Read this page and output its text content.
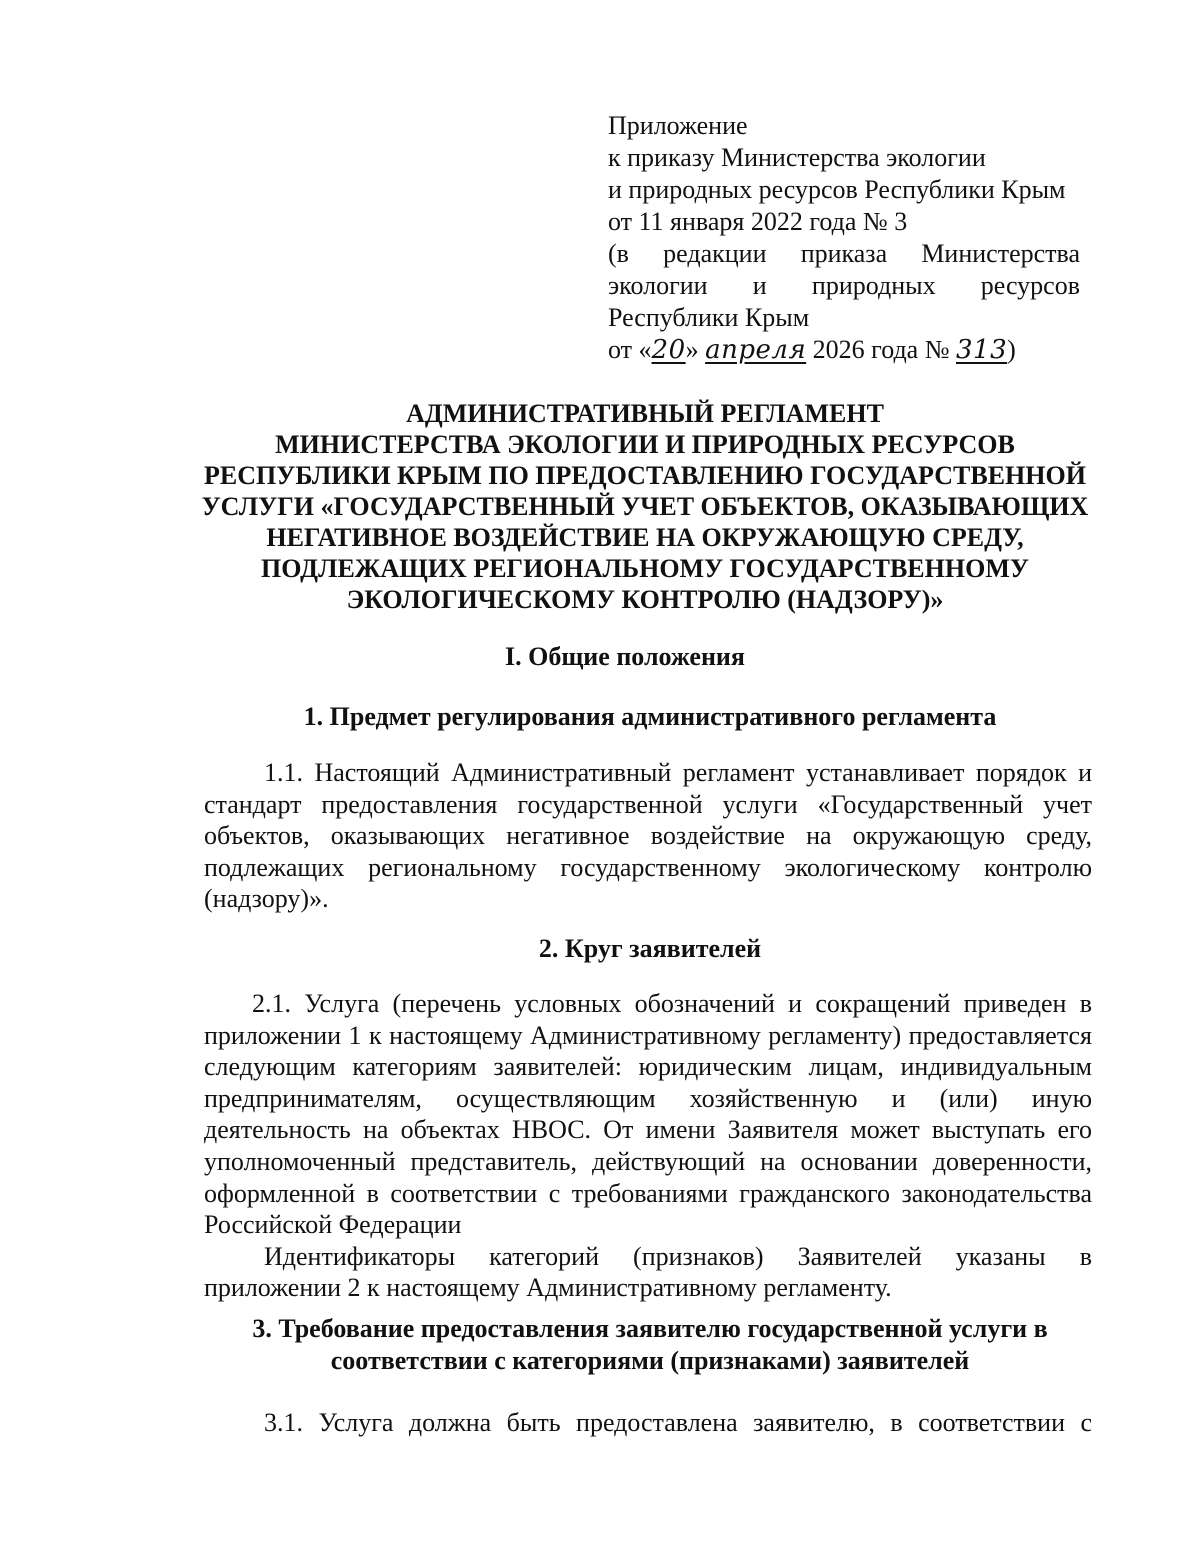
Приложение
к приказу Министерства экологии
и природных ресурсов Республики Крым
от 11 января 2022 года № 3
(в редакции приказа Министерства экологии и природных ресурсов
Республики Крым
от «20» апреля 2026 года № 313)
АДМИНИСТРАТИВНЫЙ РЕГЛАМЕНТ
МИНИСТЕРСТВА ЭКОЛОГИИ И ПРИРОДНЫХ РЕСУРСОВ
РЕСПУБЛИКИ КРЫМ ПО ПРЕДОСТАВЛЕНИЮ ГОСУДАРСТВЕННОЙ
УСЛУГИ «ГОСУДАРСТВЕННЫЙ УЧЕТ ОБЪЕКТОВ, ОКАЗЫВАЮЩИХ
НЕГАТИВНОЕ ВОЗДЕЙСТВИЕ НА ОКРУЖАЮЩУЮ СРЕДУ,
ПОДЛЕЖАЩИХ РЕГИОНАЛЬНОМУ ГОСУДАРСТВЕННОМУ
ЭКОЛОГИЧЕСКОМУ КОНТРОЛЮ (НАДЗОРУ)»
I. Общие положения
1. Предмет регулирования административного регламента
1.1. Настоящий Административный регламент устанавливает порядок и стандарт предоставления государственной услуги «Государственный учет объектов, оказывающих негативное воздействие на окружающую среду, подлежащих региональному государственному экологическому контролю (надзору)».
2. Круг заявителей
2.1. Услуга (перечень условных обозначений и сокращений приведен в приложении 1 к настоящему Административному регламенту) предоставляется следующим категориям заявителей: юридическим лицам, индивидуальным предпринимателям, осуществляющим хозяйственную и (или) иную деятельность на объектах НВОС. От имени Заявителя может выступать его уполномоченный представитель, действующий на основании доверенности, оформленной в соответствии с требованиями гражданского законодательства Российской Федерации
Идентификаторы категорий (признаков) Заявителей указаны в приложении 2 к настоящему Административному регламенту.
3. Требование предоставления заявителю государственной услуги в
соответствии с категориями (признаками) заявителей
3.1. Услуга должна быть предоставлена заявителю, в соответствии с
